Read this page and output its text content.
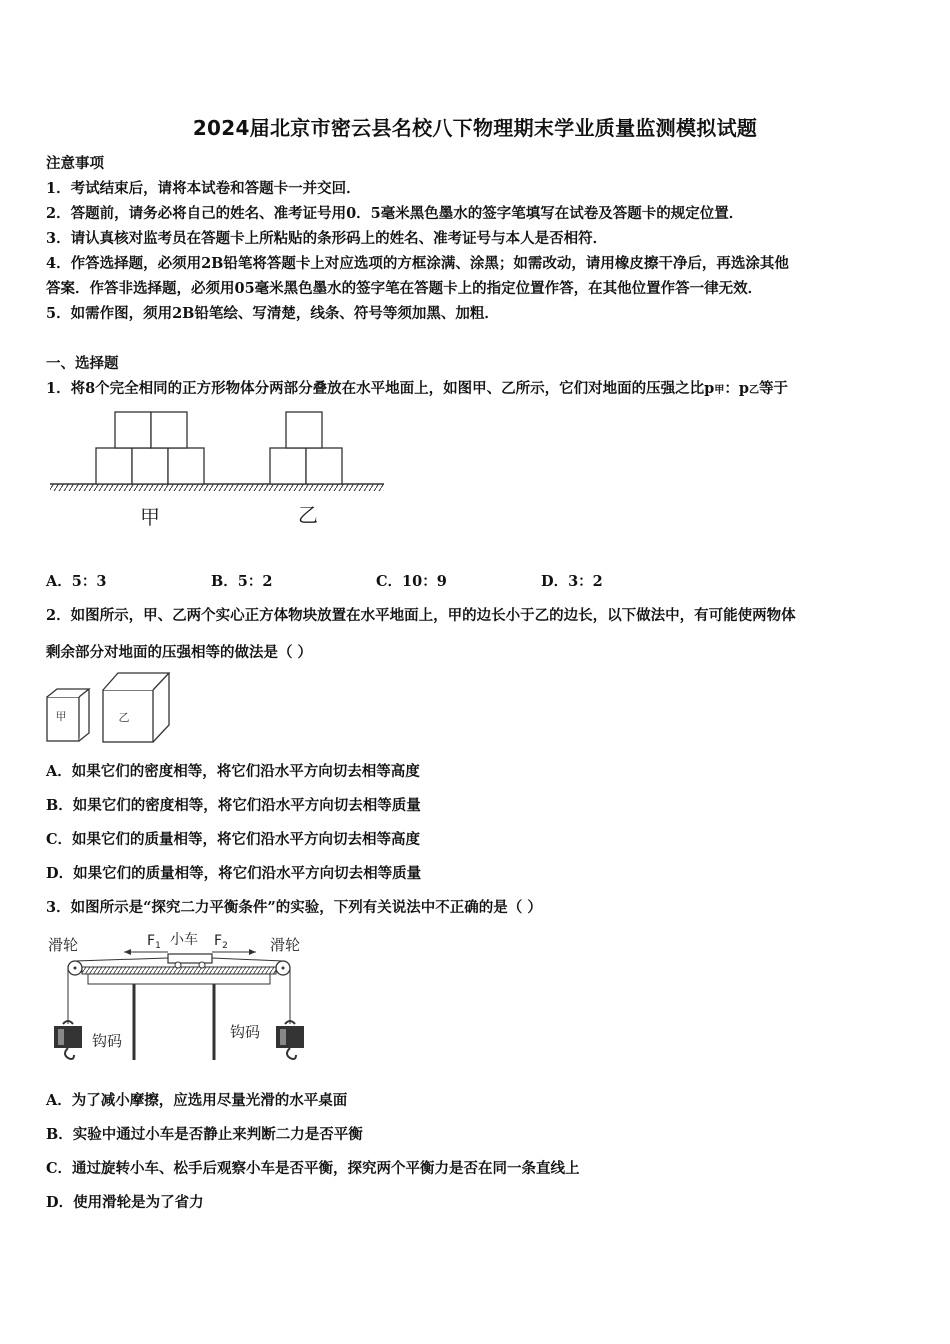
2024届北京市密云县名校八下物理期末学业质量监测模拟试题
注意事项
1．考试结束后，请将本试卷和答题卡一并交回．
2．答题前，请务必将自己的姓名、准考证号用0．5毫米黑色墨水的签字笔填写在试卷及答题卡的规定位置．
3．请认真核对监考员在答题卡上所粘贴的条形码上的姓名、准考证号与本人是否相符．
4．作答选择题，必须用2B铅笔将答题卡上对应选项的方框涂满、涂黑；如需改动，请用橡皮擦干净后，再选涂其他
答案．作答非选择题，必须用05毫米黑色墨水的签字笔在答题卡上的指定位置作答，在其他位置作答一律无效．
5．如需作图，须用2B铅笔绘、写清楚，线条、符号等须加黑、加粗．
一、选择题
1．将8个完全相同的正方形物体分两部分叠放在水平地面上，如图甲、乙所示，它们对地面的压强之比p甲：p乙等于
甲	乙
A．5：3	B．5：2	C．10：9	D．3：2
2．如图所示，甲、乙两个实心正方体物块放置在水平地面上，甲的边长小于乙的边长，以下做法中，有可能使两物体
剩余部分对地面的压强相等的做法是（ ）
甲	乙
A．如果它们的密度相等，将它们沿水平方向切去相等高度
B．如果它们的密度相等，将它们沿水平方向切去相等质量
C．如果它们的质量相等，将它们沿水平方向切去相等高度
D．如果它们的质量相等，将它们沿水平方向切去相等质量
3．如图所示是“探究二力平衡条件”的实验，下列有关说法中不正确的是（ ）
滑轮	滑轮
小车
$F_1$	$F_2$
钩码	钩码
A．为了减小摩擦，应选用尽量光滑的水平桌面
B．实验中通过小车是否静止来判断二力是否平衡
C．通过旋转小车、松手后观察小车是否平衡，探究两个平衡力是否在同一条直线上
D．使用滑轮是为了省力
